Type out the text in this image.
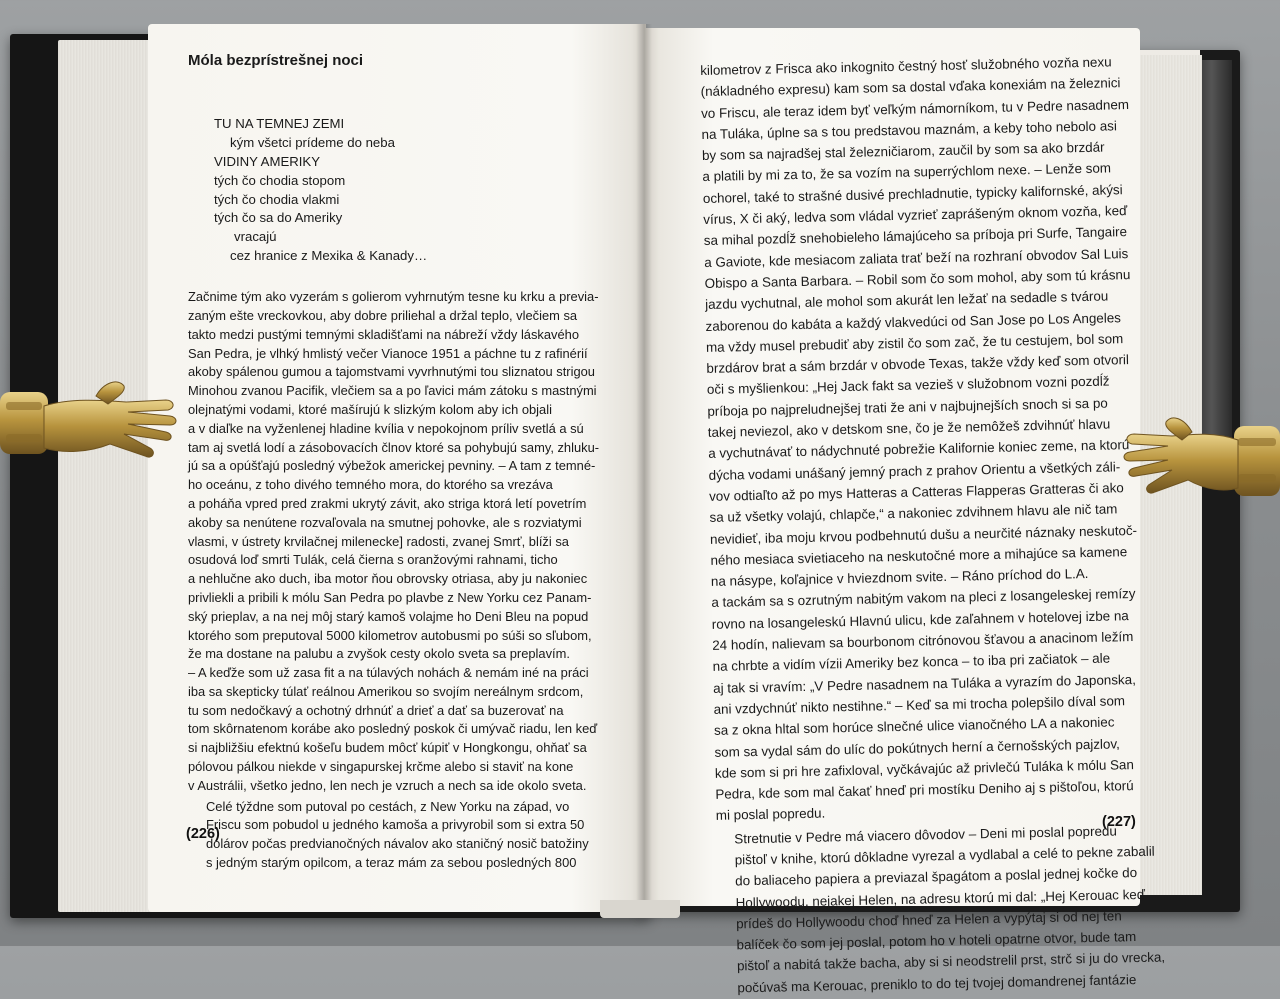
Móla bezprístrešnej noci
TU NA TEMNEJ ZEMI
kým všetci prídeme do neba
VIDINY AMERIKY
tých čo chodia stopom
tých čo chodia vlakmi
tých čo sa do Ameriky
vracajú
cez hranice z Mexika & Kanady…
Začnime tým ako vyzerám s golierom vyhrnutým tesne ku krku a previa-
zaným ešte vreckovkou, aby dobre priliehal a držal teplo, vlečiem sa
takto medzi pustými temnými skladišťami na nábreží vždy láskavého
San Pedra, je vlhký hmlistý večer Vianoce 1951 a páchne tu z rafinérií
akoby spálenou gumou a tajomstvami vyvrhnutými tou sliznatou strigou
Minohou zvanou Pacifik, vlečiem sa a po ľavici mám zátoku s mastnými
olejnatými vodami, ktoré mašírujú k slizkým kolom aby ich objali
a v diaľke na vyženlenej hladine kvília v nepokojnom príliv svetlá a sú
tam aj svetlá lodí a zásobovacích člnov ktoré sa pohybujú samy, zhluku-
jú sa a opúšťajú posledný výbežok americkej pevniny. – A tam z temné-
ho oceánu, z toho divého temného mora, do ktorého sa vrezáva
a poháňa vpred pred zrakmi ukrytý závit, ako striga ktorá letí povetrím
akoby sa nenútene rozvaľovala na smutnej pohovke, ale s rozviatymi
vlasmi, v ústrety krvilačnej milenecke] radosti, zvanej Smrť, blíži sa
osudová loď smrti Tulák, celá čierna s oranžovými rahnami, ticho
a nehlučne ako duch, iba motor ňou obrovsky otriasa, aby ju nakoniec
privliekli a pribili k mólu San Pedra po plavbe z New Yorku cez Panam-
ský prieplav, a na nej môj starý kamoš volajme ho Deni Bleu na popud
ktorého som preputoval 5000 kilometrov autobusmi po súši so sľubom,
že ma dostane na palubu a zvyšok cesty okolo sveta sa preplavím.
– A keďže som už zasa fit a na túlavých nohách & nemám iné na práci
iba sa skepticky túlať reálnou Amerikou so svojím nereálnym srdcom,
tu som nedočkavý a ochotný drhnúť a drieť a dať sa buzerovať na
tom skôrnatenom korábe ako posledný poskok či umývač riadu, len keď
si najbližšiu efektnú košeľu budem môcť kúpiť v Hongkongu, ohňať sa
pólovou pálkou niekde v singapurskej krčme alebo si staviť na kone
v Austrálii, všetko jedno, len nech je vzruch a nech sa ide okolo sveta.
Celé týždne som putoval po cestách, z New Yorku na západ, vo
Friscu som pobudol u jedného kamoša a privyrobil som si extra 50
dolárov počas predvianočných návalov ako staničný nosič batožiny
s jedným starým opilcom, a teraz mám za sebou posledných 800
(226)
kilometrov z Frisca ako inkognito čestný hosť služobného vozňa nexu
(nákladného expresu) kam som sa dostal vďaka konexiám na železnici
vo Friscu, ale teraz idem byť veľkým námorníkom, tu v Pedre nasadnem
na Tuláka, úplne sa s tou predstavou maznám, a keby toho nebolo asi
by som sa najradšej stal železničiarom, zaučil by som sa ako brzdár
a platili by mi za to, že sa vozím na superrýchlom nexe. – Lenže som
ochorel, také to strašné dusivé prechladnutie, typicky kalifornské, akýsi
vírus, X či aký, ledva som vládal vyzrieť zaprášeným oknom vozňa, keď
sa mihal pozdĺž snehobieleho lámajúceho sa príboja pri Surfe, Tangaire
a Gaviote, kde mesiacom zaliata trať beží na rozhraní obvodov Sal Luis
Obispo a Santa Barbara. – Robil som čo som mohol, aby som tú krásnu
jazdu vychutnal, ale mohol som akurát len ležať na sedadle s tvárou
zaborenou do kabáta a každý vlakvedúci od San Jose po Los Angeles
ma vždy musel prebudiť aby zistil čo som zač, že tu cestujem, bol som
brzdárov brat a sám brzdár v obvode Texas, takže vždy keď som otvoril
oči s myšlienkou: „Hej Jack fakt sa vezieš v služobnom vozni pozdĺž
príboja po najpreludnejšej trati že ani v najbujnejších snoch si sa po
takej neviezol, ako v detskom sne, čo je že nemôžeš zdvihnúť hlavu
a vychutnávať to nádychnuté pobrežie Kalifornie koniec zeme, na ktorú
dýcha vodami unášaný jemný prach z prahov Orientu a všetkých záli-
vov odtiaľto až po mys Hatteras a Catteras Flapperas Gratteras či ako
sa už všetky volajú, chlapče,“ a nakoniec zdvihnem hlavu ale nič tam
nevidieť, iba moju krvou podbehnutú dušu a neurčité náznaky neskutoč-
ného mesiaca svietiaceho na neskutočné more a mihajúce sa kamene
na násype, koľajnice v hviezdnom svite. – Ráno príchod do L.A.
a tackám sa s ozrutným nabitým vakom na pleci z losangeleskej remízy
rovno na losangeleskú Hlavnú ulicu, kde zaľahnem v hotelovej izbe na
24 hodín, nalievam sa bourbonom citrónovou šťavou a anacinom ležím
na chrbte a vidím vízii Ameriky bez konca – to iba pri začiatok – ale
aj tak si vravím: „V Pedre nasadnem na Tuláka a vyrazím do Japonska,
ani vzdychnúť nikto nestihne.“ – Keď sa mi trocha polepšilo díval som
sa z okna hltal som horúce slnečné ulice vianočného LA a nakoniec
som sa vydal sám do ulíc do pokútnych herní a černošských pajzlov,
kde som si pri hre zafixloval, vyčkávajúc až privlečú Tuláka k mólu San
Pedra, kde som mal čakať hneď pri mostíku Deniho aj s pištoľou, ktorú
mi poslal popredu.
Stretnutie v Pedre má viacero dôvodov – Deni mi poslal popredu
pištoľ v knihe, ktorú dôkladne vyrezal a vydlabal a celé to pekne zabalil
do baliaceho papiera a previazal špagátom a poslal jednej kočke do
Hollywoodu, nejakej Helen, na adresu ktorú mi dal: „Hej Kerouac keď
prídeš do Hollywoodu choď hneď za Helen a vypýtaj si od nej ten
balíček čo som jej poslal, potom ho v hoteli opatrne otvor, bude tam
pištoľ a nabitá takže bacha, aby si si neodstrelil prst, strč si ju do vrecka,
počúvaš ma Kerouac, preniklo to do tej tvojej domandrenej fantázie
(227)
